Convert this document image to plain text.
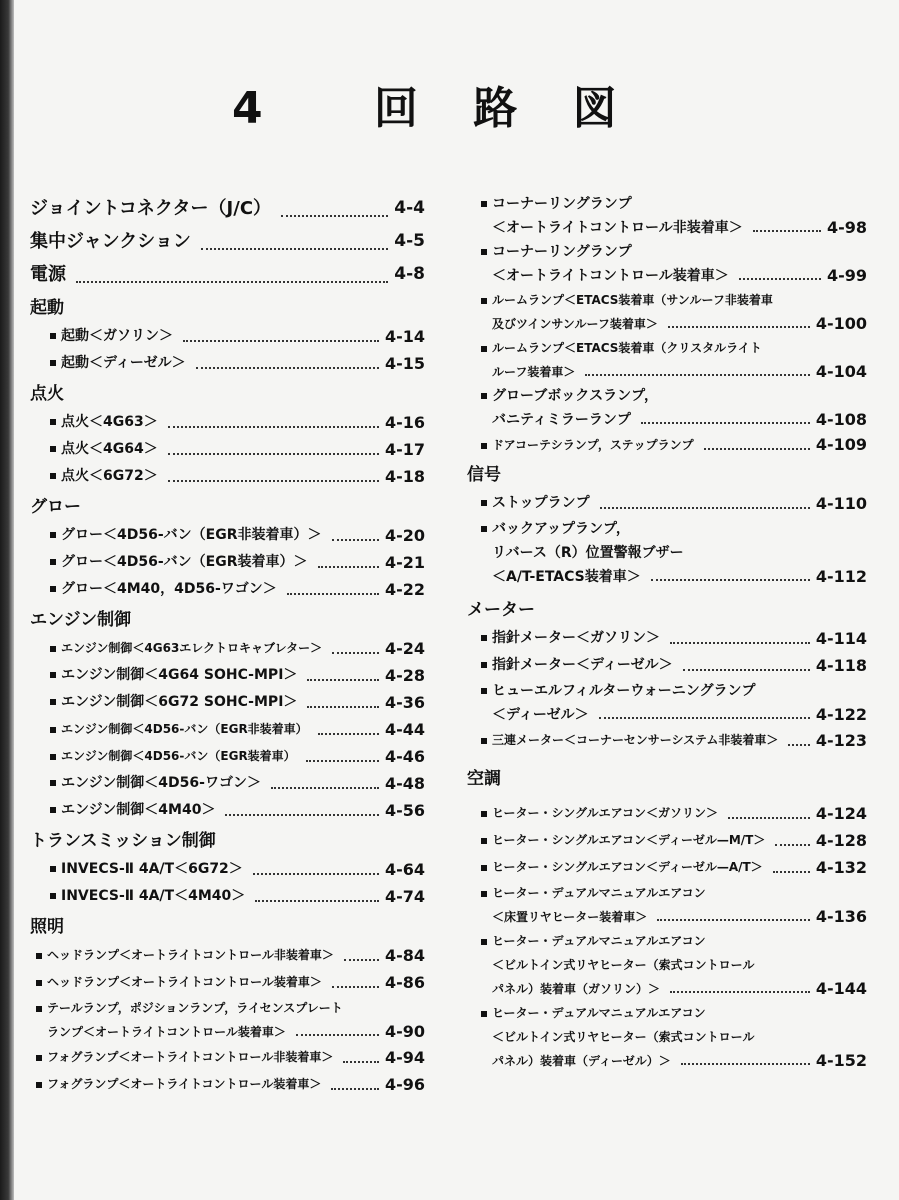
4 回 路 図
ジョイントコネクター（J/C）	4-4
集中ジャンクション	4-5
電源	4-8
起動
起動＜ガソリン＞	4-14
起動＜ディーゼル＞	4-15
点火
点火＜4G63＞	4-16
点火＜4G64＞	4-17
点火＜6G72＞	4-18
グロー
グロー＜4D56-バン（EGR非装着車）＞	4-20
グロー＜4D56-バン（EGR装着車）＞	4-21
グロー＜4M40，4D56-ワゴン＞	4-22
エンジン制御
エンジン制御＜4G63エレクトロキャブレター＞	4-24
エンジン制御＜4G64 SOHC-MPI＞	4-28
エンジン制御＜6G72 SOHC-MPI＞	4-36
エンジン制御＜4D56-バン（EGR非装着車）	4-44
エンジン制御＜4D56-バン（EGR装着車）	4-46
エンジン制御＜4D56-ワゴン＞	4-48
エンジン制御＜4M40＞	4-56
トランスミッション制御
INVECS-Ⅱ 4A/T＜6G72＞	4-64
INVECS-Ⅱ 4A/T＜4M40＞	4-74
照明
ヘッドランプ＜オートライトコントロール非装着車＞	4-84
ヘッドランプ＜オートライトコントロール装着車＞	4-86
テールランプ，ポジションランプ，ライセンスプレート
ランプ＜オートライトコントロール装着車＞	4-90
フォグランプ＜オートライトコントロール非装着車＞	4-94
フォグランプ＜オートライトコントロール装着車＞	4-96
コーナーリングランプ
＜オートライトコントロール非装着車＞	4-98
コーナーリングランプ
＜オートライトコントロール装着車＞	4-99
ルームランプ＜ETACS装着車（サンルーフ非装着車
及びツインサンルーフ装着車＞	4-100
ルームランプ＜ETACS装着車（クリスタルライト
ルーフ装着車＞	4-104
グローブボックスランプ，
バニティミラーランプ	4-108
ドアコーテシランプ，ステップランプ	4-109
信号
ストップランプ	4-110
バックアップランプ，
リバース（R）位置警報ブザー
＜A/T-ETACS装着車＞	4-112
メーター
指針メーター＜ガソリン＞	4-114
指針メーター＜ディーゼル＞	4-118
ヒューエルフィルターウォーニングランプ
＜ディーゼル＞	4-122
三連メーター＜コーナーセンサーシステム非装着車＞ 4-123
空調
ヒーター・シングルエアコン＜ガソリン＞	4-124
ヒーター・シングルエアコン＜ディーゼル—M/T＞	4-128
ヒーター・シングルエアコン＜ディーゼル—A/T＞	4-132
ヒーター・デュアルマニュアルエアコン
＜床置リヤヒーター装着車＞	4-136
ヒーター・デュアルマニュアルエアコン
＜ビルトイン式リヤヒーター（索式コントロール
パネル）装着車（ガソリン）＞	4-144
ヒーター・デュアルマニュアルエアコン
＜ビルトイン式リヤヒーター（索式コントロール
パネル）装着車（ディーゼル）＞	4-152
